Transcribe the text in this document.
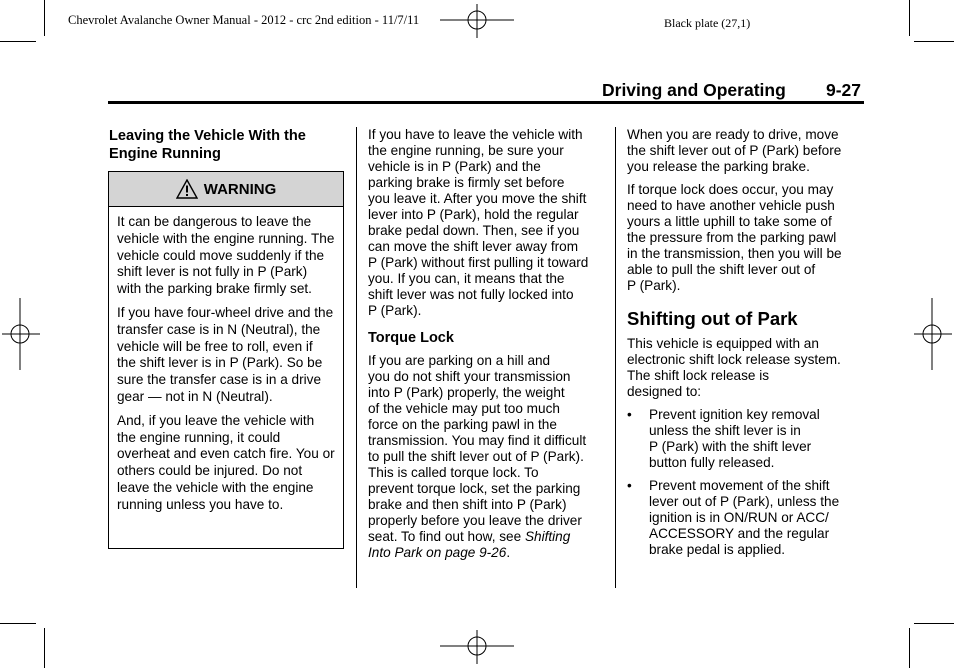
Chevrolet Avalanche Owner Manual - 2012 - crc 2nd edition - 11/7/11	Black plate (27,1)
Driving and Operating 9-27
Leaving the Vehicle With the
Engine Running
WARNING

It can be dangerous to leave the vehicle with the engine running. The vehicle could move suddenly if the shift lever is not fully in P (Park) with the parking brake firmly set.

If you have four-wheel drive and the transfer case is in N (Neutral), the vehicle will be free to roll, even if the shift lever is in P (Park). So be sure the transfer case is in a drive gear — not in N (Neutral).

And, if you leave the vehicle with the engine running, it could overheat and even catch fire. You or others could be injured. Do not leave the vehicle with the engine running unless you have to.

If you have to leave the vehicle with
the engine running, be sure your
vehicle is in P (Park) and the
parking brake is firmly set before
you leave it. After you move the shift
lever into P (Park), hold the regular
brake pedal down. Then, see if you
can move the shift lever away from
P (Park) without first pulling it toward
you. If you can, it means that the
shift lever was not fully locked into
P (Park).

Torque Lock

If you are parking on a hill and
you do not shift your transmission
into P (Park) properly, the weight
of the vehicle may put too much
force on the parking pawl in the
transmission. You may find it difficult
to pull the shift lever out of P (Park).
This is called torque lock. To
prevent torque lock, set the parking
brake and then shift into P (Park)
properly before you leave the driver
seat. To find out how, see Shifting
Into Park on page 9-26.

When you are ready to drive, move
the shift lever out of P (Park) before
you release the parking brake.

If torque lock does occur, you may
need to have another vehicle push
yours a little uphill to take some of
the pressure from the parking pawl
in the transmission, then you will be
able to pull the shift lever out of
P (Park).

Shifting out of Park

This vehicle is equipped with an
electronic shift lock release system.
The shift lock release is
designed to:

• Prevent ignition key removal
unless the shift lever is in
P (Park) with the shift lever
button fully released.
• Prevent movement of the shift
lever out of P (Park), unless the
ignition is in ON/RUN or ACC/
ACCESSORY and the regular
brake pedal is applied.
